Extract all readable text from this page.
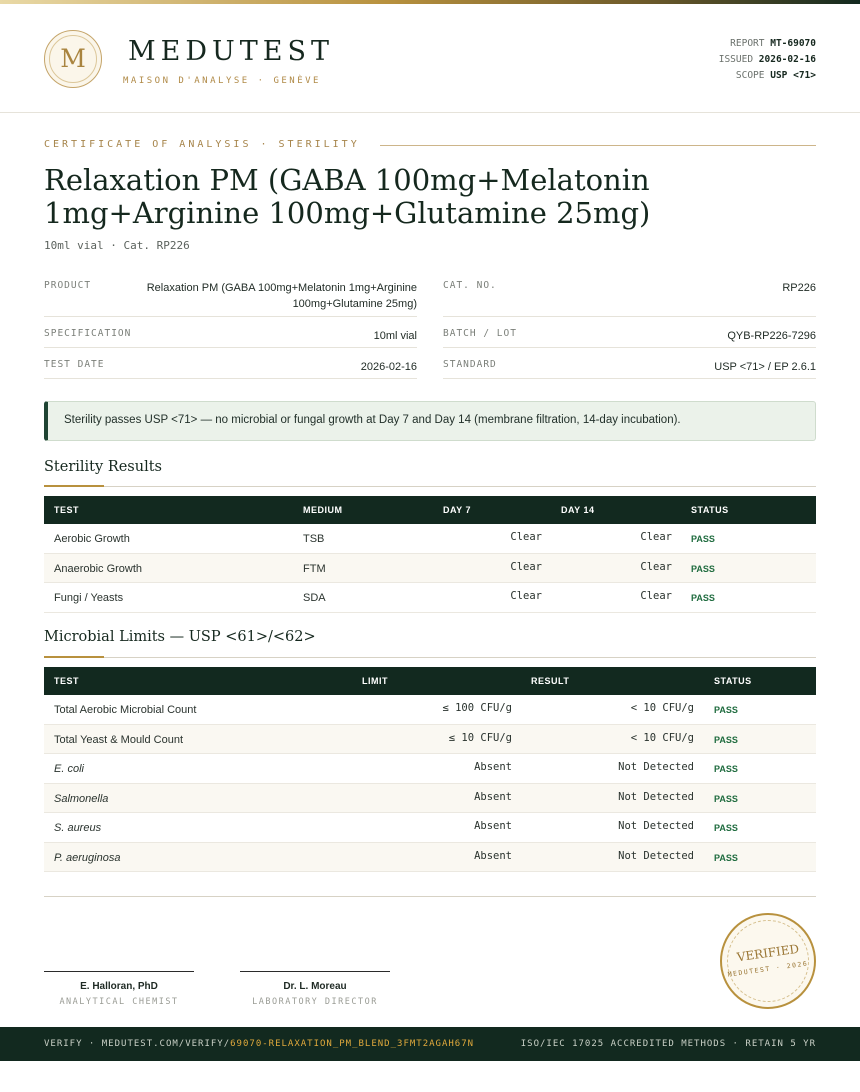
M	MEDUTEST
MAISON D'ANALYSE · GENÈVE
REPORT MT-69070
ISSUED 2026-02-16
SCOPE USP <71>
CERTIFICATE OF ANALYSIS · STERILITY
Relaxation PM (GABA 100mg+Melatonin 1mg+Arginine 100mg+Glutamine 25mg)
10ml vial · Cat. RP226
PRODUCT	Relaxation PM (GABA 100mg+Melatonin 1mg+Arginine 100mg+Glutamine 25mg)
CAT. NO.	RP226
SPECIFICATION	10ml vial	BATCH / LOT	QYB-RP226-7296
TEST DATE	2026-02-16	STANDARD	USP <71> / EP 2.6.1
Sterility passes USP <71> — no microbial or fungal growth at Day 7 and Day 14 (membrane filtration, 14-day incubation).
Sterility Results
TEST	MEDIUM	DAY 7	DAY 14	STATUS
Aerobic Growth	TSB	Clear	Clear PASS
Anaerobic Growth	FTM	Clear	Clear PASS
Fungi / Yeasts	SDA	Clear	Clear PASS
Microbial Limits — USP <61>/<62>
TEST	LIMIT	RESULT	STATUS
Total Aerobic Microbial Count	≤ 100 CFU/g	< 10 CFU/g PASS
Total Yeast & Mould Count	≤ 10 CFU/g	< 10 CFU/g PASS
E. coli	Absent	Not Detected PASS
Salmonella	Absent	Not Detected PASS
S. aureus	Absent	Not Detected PASS
P. aeruginosa	Absent	Not Detected PASS
E. Halloran, PhD
ANALYTICAL CHEMIST
Dr. L. Moreau
LABORATORY DIRECTOR
VERIFIED
MEDUTEST · 2026
VERIFY · MEDUTEST.COM/VERIFY/69070-RELAXATION_PM_BLEND_3FMT2AGAH67N	ISO/IEC 17025 ACCREDITED METHODS · RETAIN 5 YR
